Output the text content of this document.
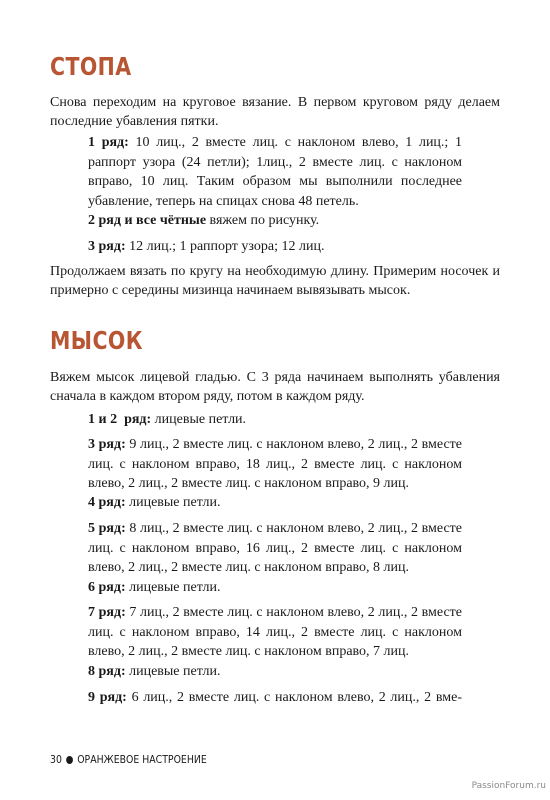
СТОПА

Снова переходим на круговое вязание. В первом круговом ряду делаем последние убавления пятки.

1 ряд: 10 лиц., 2 вместе лиц. с наклоном влево, 1 лиц.; 1 раппорт узора (24 петли); 1лиц., 2 вместе лиц. с наклоном вправо, 10 лиц. Таким образом мы выполнили последнее убавление, теперь на спицах снова 48 петель.

2 ряд и все чётные вяжем по рисунку.

3 ряд: 12 лиц.; 1 раппорт узора; 12 лиц.

Продолжаем вязать по кругу на необходимую длину. Примерим носочек и примерно с середины мизинца начинаем вывязывать мысок.

МЫСОК

Вяжем мысок лицевой гладью. С 3 ряда начинаем выполнять убавления сначала в каждом втором ряду, потом в каждом ряду.

1 и 2  ряд: лицевые петли.

3 ряд: 9 лиц., 2 вместе лиц. с наклоном влево, 2 лиц., 2 вместе лиц. с наклоном вправо, 18 лиц., 2 вместе лиц. с наклоном влево, 2 лиц., 2 вместе лиц. с наклоном вправо, 9 лиц.

4 ряд: лицевые петли.

5 ряд: 8 лиц., 2 вместе лиц. с наклоном влево, 2 лиц., 2 вместе лиц. с наклоном вправо, 16 лиц., 2 вместе лиц. с наклоном влево, 2 лиц., 2 вместе лиц. с наклоном вправо, 8 лиц.

6 ряд: лицевые петли.

7 ряд: 7 лиц., 2 вместе лиц. с наклоном влево, 2 лиц., 2 вместе лиц. с наклоном вправо, 14 лиц., 2 вместе лиц. с наклоном влево, 2 лиц., 2 вместе лиц. с наклоном вправо, 7 лиц.

8 ряд: лицевые петли.

9 ряд: 6 лиц., 2 вместе лиц. с наклоном влево, 2 лиц., 2 вме-

30 ОРАНЖЕВОЕ НАСТРОЕНИЕ
PassionForum.ru
